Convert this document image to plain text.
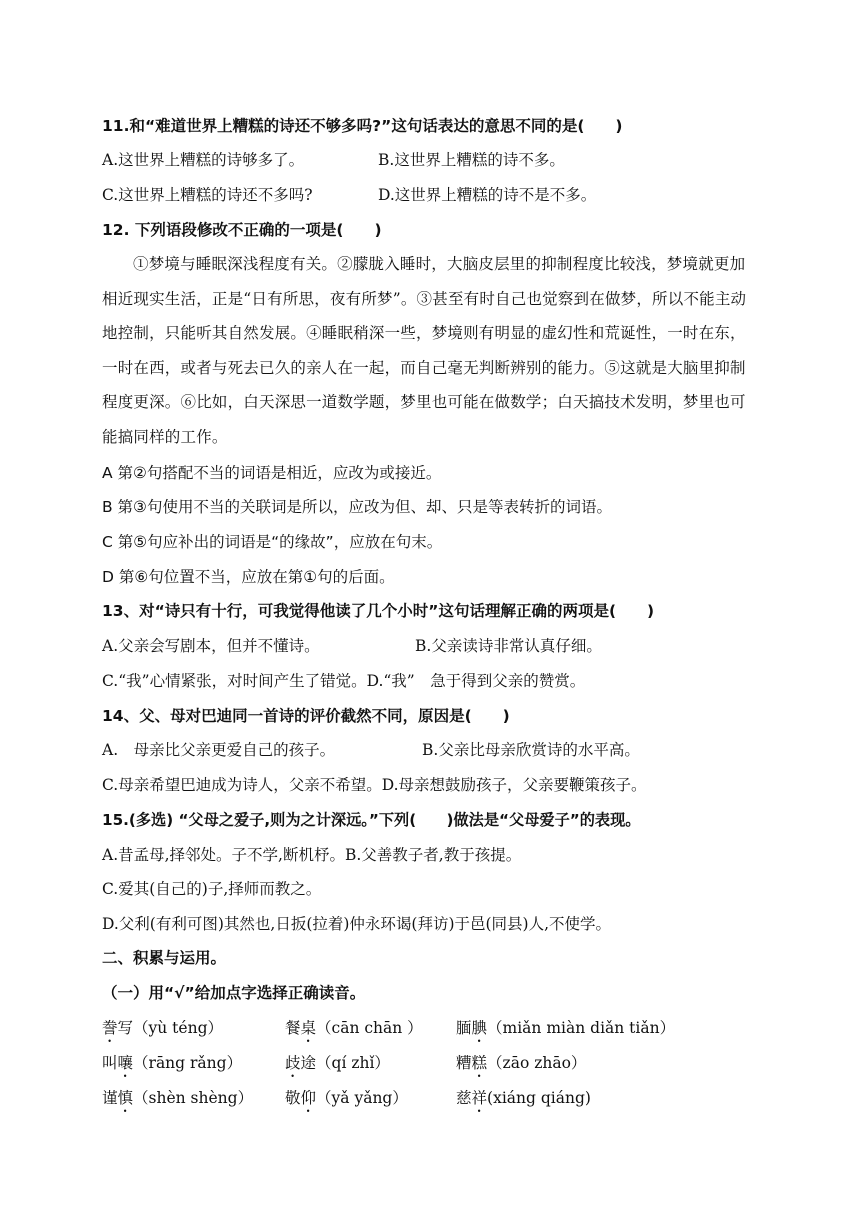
11.和“难道世界上糟糕的诗还不够多吗?”这句话表达的意思不同的是(　　)
A.这世界上糟糕的诗够多了。	B.这世界上糟糕的诗不多。
C.这世界上糟糕的诗还不多吗?	D.这世界上糟糕的诗不是不多。
12. 下列语段修改不正确的一项是(　　)
①梦境与睡眠深浅程度有关。②朦胧入睡时，大脑皮层里的抑制程度比较浅，梦境就更加相近现实生活，正是“日有所思，夜有所梦”。③甚至有时自己也觉察到在做梦，所以不能主动地控制，只能听其自然发展。④睡眠稍深一些，梦境则有明显的虚幻性和荒诞性，一时在东，一时在西，或者与死去已久的亲人在一起，而自己毫无判断辨别的能力。⑤这就是大脑里抑制程度更深。⑥比如，白天深思一道数学题，梦里也可能在做数学；白天搞技术发明，梦里也可能搞同样的工作。
A 第②句搭配不当的词语是相近，应改为或接近。
B 第③句使用不当的关联词是所以，应改为但、却、只是等表转折的词语。
C 第⑤句应补出的词语是“的缘故”，应放在句末。
D 第⑥句位置不当，应放在第①句的后面。
13、对“诗只有十行，可我觉得他读了几个小时”这句话理解正确的两项是(　　)
A.父亲会写剧本，但并不懂诗。	B.父亲读诗非常认真仔细。
C.“我”心情紧张，对时间产生了错觉。D.“我”　急于得到父亲的赞赏。
14、父、母对巴迪同一首诗的评价截然不同，原因是(　　)
A.　母亲比父亲更爱自己的孩子。	B.父亲比母亲欣赏诗的水平高。
C.母亲希望巴迪成为诗人，父亲不希望。D.母亲想鼓励孩子，父亲要鞭策孩子。
15.(多选) “父母之爱子,则为之计深远。”下列(　　)做法是“父母爱子”的表现。
A.昔孟母,择邻处。子不学,断机杼。B.父善教子者,教于孩提。
C.爱其(自己的)子,择师而教之。
D.父利(有利可图)其然也,日扳(拉着)仲永环谒(拜访)于邑(同县)人,不使学。
二、积累与运用。
（一）用“√”给加点字选择正确读音。
誊写（yù téng）	餐桌（cān chān ） 腼腆（miǎn miàn diǎn tiǎn）
叫嚷（rāng rǎng）	歧途（qí zhǐ）	糟糕（zāo zhāo）
谨慎（shèn shèng） 敬仰（yǎ yǎng）	慈祥(xiáng qiáng)
